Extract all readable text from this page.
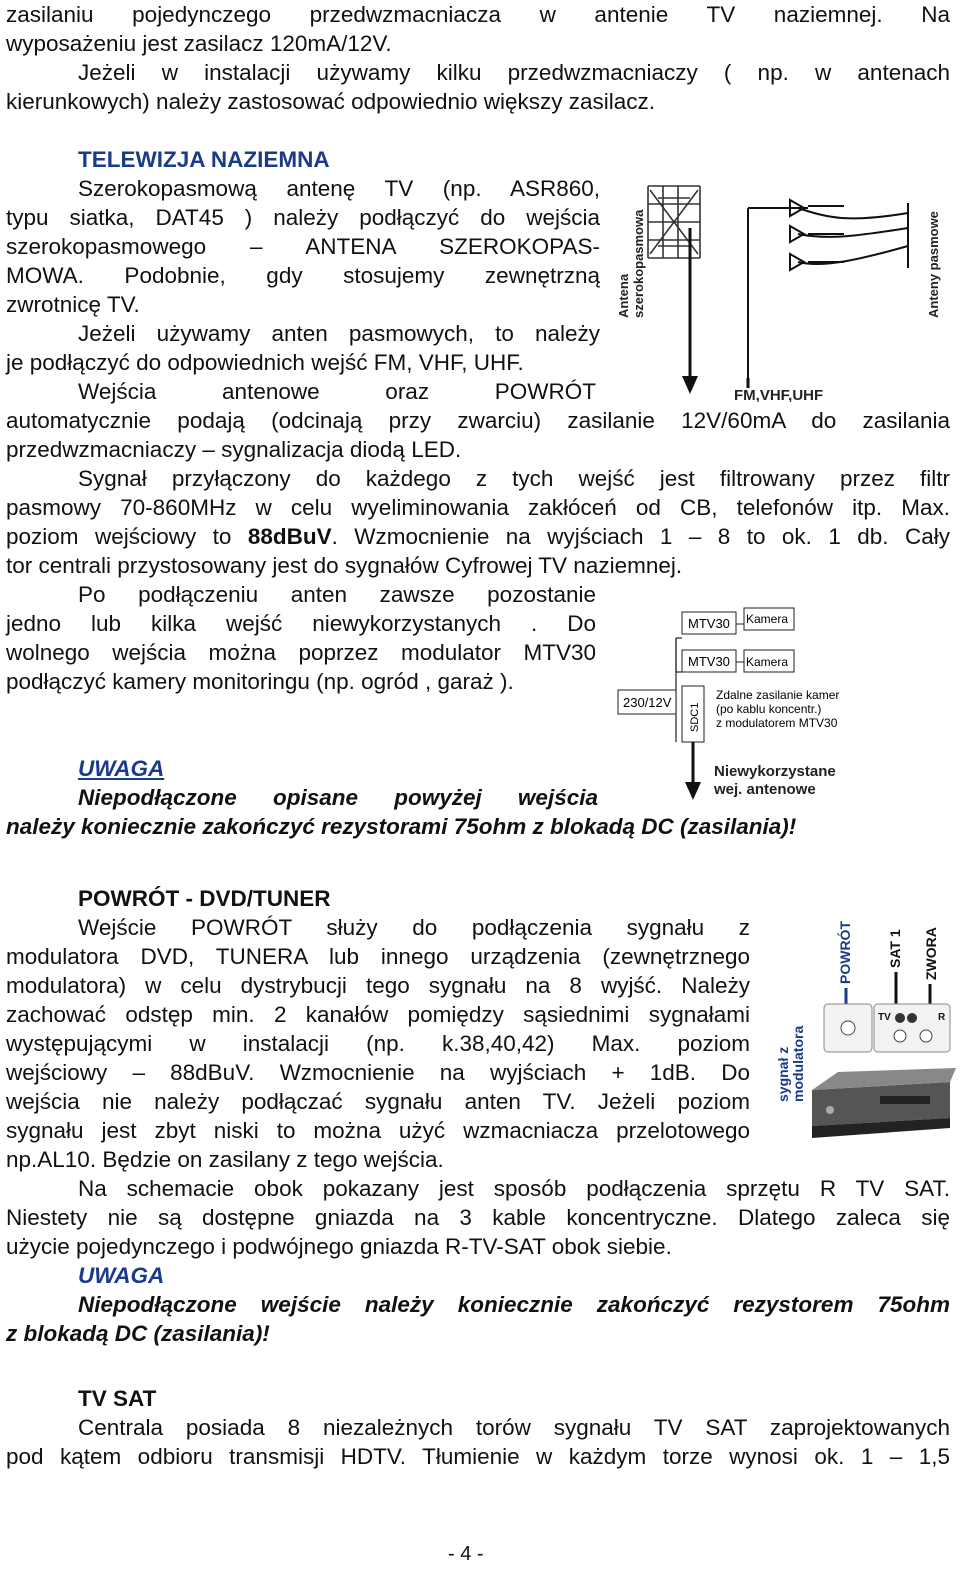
zasilaniu pojedynczego przedwzmacniacza w antenie TV naziemnej. Na
wyposażeniu jest zasilacz 120mA/12V.
Jeżeli w instalacji używamy kilku przedwzmacniaczy ( np. w antenach
kierunkowych) należy zastosować odpowiednio większy zasilacz.
TELEWIZJA NAZIEMNA
Szerokopasmową antenę TV (np. ASR860,
typu siatka, DAT45 ) należy podłączyć do wejścia
szerokopasmowego – ANTENA SZEROKOPAS-
MOWA. Podobnie, gdy stosujemy zewnętrzną
zwrotnicę TV.
Jeżeli używamy anten pasmowych, to należy
je podłączyć do odpowiednich wejść FM, VHF, UHF.
Wejścia antenowe oraz POWRÓT
automatycznie podają (odcinają przy zwarciu) zasilanie 12V/60mA do zasilania
przedwzmacniaczy – sygnalizacja diodą LED.
Sygnał przyłączony do każdego z tych wejść jest filtrowany przez filtr
pasmowy 70-860MHz w celu wyeliminowania zakłóceń od CB, telefonów itp. Max.
poziom wejściowy to 88dBuV. Wzmocnienie na wyjściach 1 – 8 to ok. 1 db. Cały
tor centrali przystosowany jest do sygnałów Cyfrowej TV naziemnej.
Po podłączeniu anten zawsze pozostanie
jedno lub kilka wejść niewykorzystanych . Do
wolnego wejścia można poprzez modulator MTV30
podłączyć kamery monitoringu (np. ogród , garaż ).
UWAGA
Niepodłączone opisane powyżej wejścia
należy koniecznie zakończyć rezystorami 75ohm z blokadą DC (zasilania)!
Antena szerokopasmowa	Anteny pasmowe
FM,VHF,UHF
MTV30
MTV30
Kamera
Kamera
230/12V
SDC1
Zdalne zasilanie kamer
(po kablu koncentr.)
z modulatorem MTV30
Niewykorzystane
wej. antenowe
POWRÓT - DVD/TUNER
Wejście POWRÓT służy do podłączenia sygnału z
modulatora DVD, TUNERA lub innego urządzenia (zewnętrznego
modulatora) w celu dystrybucji tego sygnału na 8 wyjść. Należy
zachować odstęp min. 2 kanałów pomiędzy sąsiednimi sygnałami
występującymi w instalacji (np. k.38,40,42) Max. poziom
wejściowy – 88dBuV. Wzmocnienie na wyjściach + 1dB. Do
wejścia nie należy podłączać sygnału anten TV. Jeżeli poziom
sygnału jest zbyt niski to można użyć wzmacniacza przelotowego
np.AL10. Będzie on zasilany z tego wejścia.
Na schemacie obok pokazany jest sposób podłączenia sprzętu R TV SAT.
Niestety nie są dostępne gniazda na 3 kable koncentryczne. Dlatego zaleca się
użycie pojedynczego i podwójnego gniazda R-TV-SAT obok siebie.
UWAGA
Niepodłączone wejście należy koniecznie zakończyć rezystorem 75ohm
z blokadą DC (zasilania)!
POWRÓT SAT 1 ZWORA
TV	R
sygnał z modulatora
TV SAT
Centrala posiada 8 niezależnych torów sygnału TV SAT zaprojektowanych
pod kątem odbioru transmisji HDTV. Tłumienie w każdym torze wynosi ok. 1 – 1,5
- 4 -
